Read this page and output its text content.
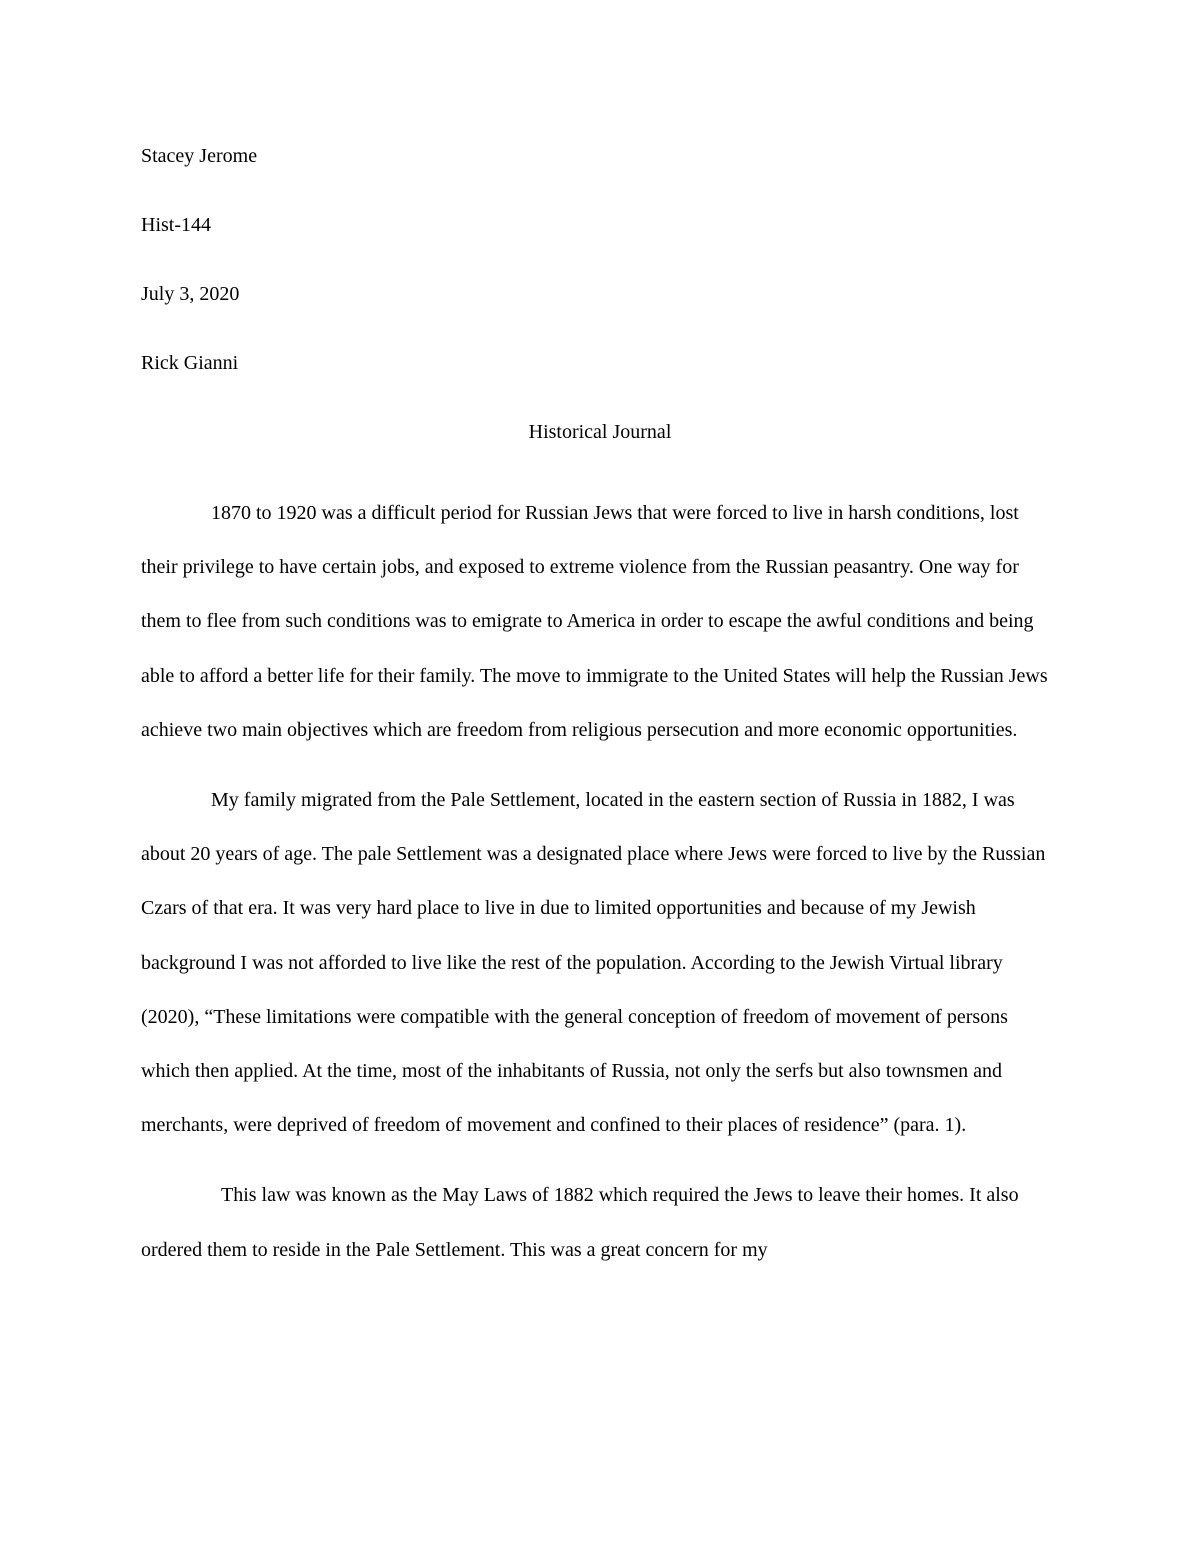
Stacey Jerome

Hist-144

July 3, 2020

Rick Gianni

Historical Journal

1870 to 1920 was a difficult period for Russian Jews that were forced to live in harsh conditions, lost their privilege to have certain jobs, and exposed to extreme violence from the Russian peasantry. One way for them to flee from such conditions was to emigrate to America in order to escape the awful conditions and being able to afford a better life for their family. The move to immigrate to the United States will help the Russian Jews achieve two main objectives which are freedom from religious persecution and more economic opportunities.

My family migrated from the Pale Settlement, located in the eastern section of Russia in 1882, I was about 20 years of age. The pale Settlement was a designated place where Jews were forced to live by the Russian Czars of that era. It was very hard place to live in due to limited opportunities and because of my Jewish background I was not afforded to live like the rest of the population. According to the Jewish Virtual library (2020), “These limitations were compatible with the general conception of freedom of movement of persons which then applied. At the time, most of the inhabitants of Russia, not only the serfs but also townsmen and merchants, were deprived of freedom of movement and confined to their places of residence” (para. 1).

This law was known as the May Laws of 1882 which required the Jews to leave their homes. It also ordered them to reside in the Pale Settlement. This was a great concern for my
